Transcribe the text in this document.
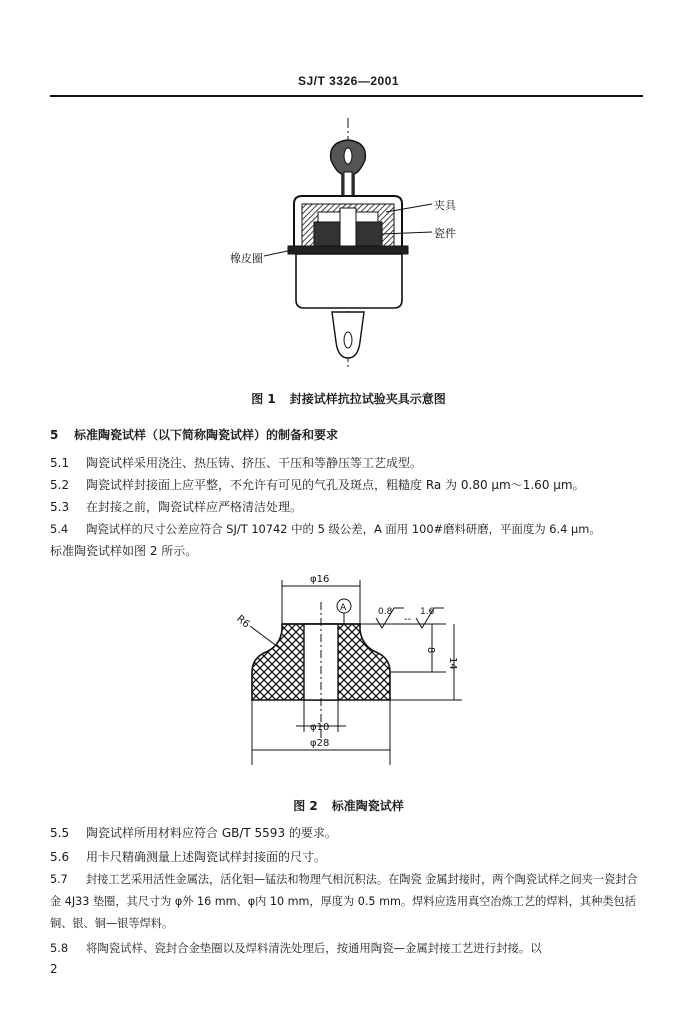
SJ/T 3326—2001
夹具
瓷件
橡皮圈
图 1 封接试样抗拉试验夹具示意图
5 标准陶瓷试样（以下简称陶瓷试样）的制备和要求
5.1 陶瓷试样采用浇注、热压铸、挤压、干压和等静压等工艺成型。
5.2 陶瓷试样封接面上应平整，不允许有可见的气孔及斑点，粗糙度 Ra 为 0.80 μm～1.60 μm。
5.3 在封接之前，陶瓷试样应严格清洁处理。
5.4 陶瓷试样的尺寸公差应符合 SJ/T 10742 中的 5 级公差，A 面用 100#磨料研磨，平面度为 6.4 μm。
标准陶瓷试样如图 2 所示。
φ16
A	0.8
--
1.6
R6
8
14
φ10
φ28
图 2 标准陶瓷试样
5.5 陶瓷试样所用材料应符合 GB/T 5593 的要求。
5.6 用卡尺精确测量上述陶瓷试样封接面的尺寸。
5.7 封接工艺采用活性金属法，活化钼—锰法和物理气相沉积法。在陶瓷 金属封接时，两个陶瓷试样之间夹一瓷封合金 4J33 垫圈，其尺寸为 φ外 16 mm、φ内 10 mm，厚度为 0.5 mm。焊料应选用真空冶炼工艺的焊料，其种类包括铜、银、铜—银等焊料。
5.8 将陶瓷试样、瓷封合金垫圈以及焊料清洗处理后，按通用陶瓷—金属封接工艺进行封接。以
2
